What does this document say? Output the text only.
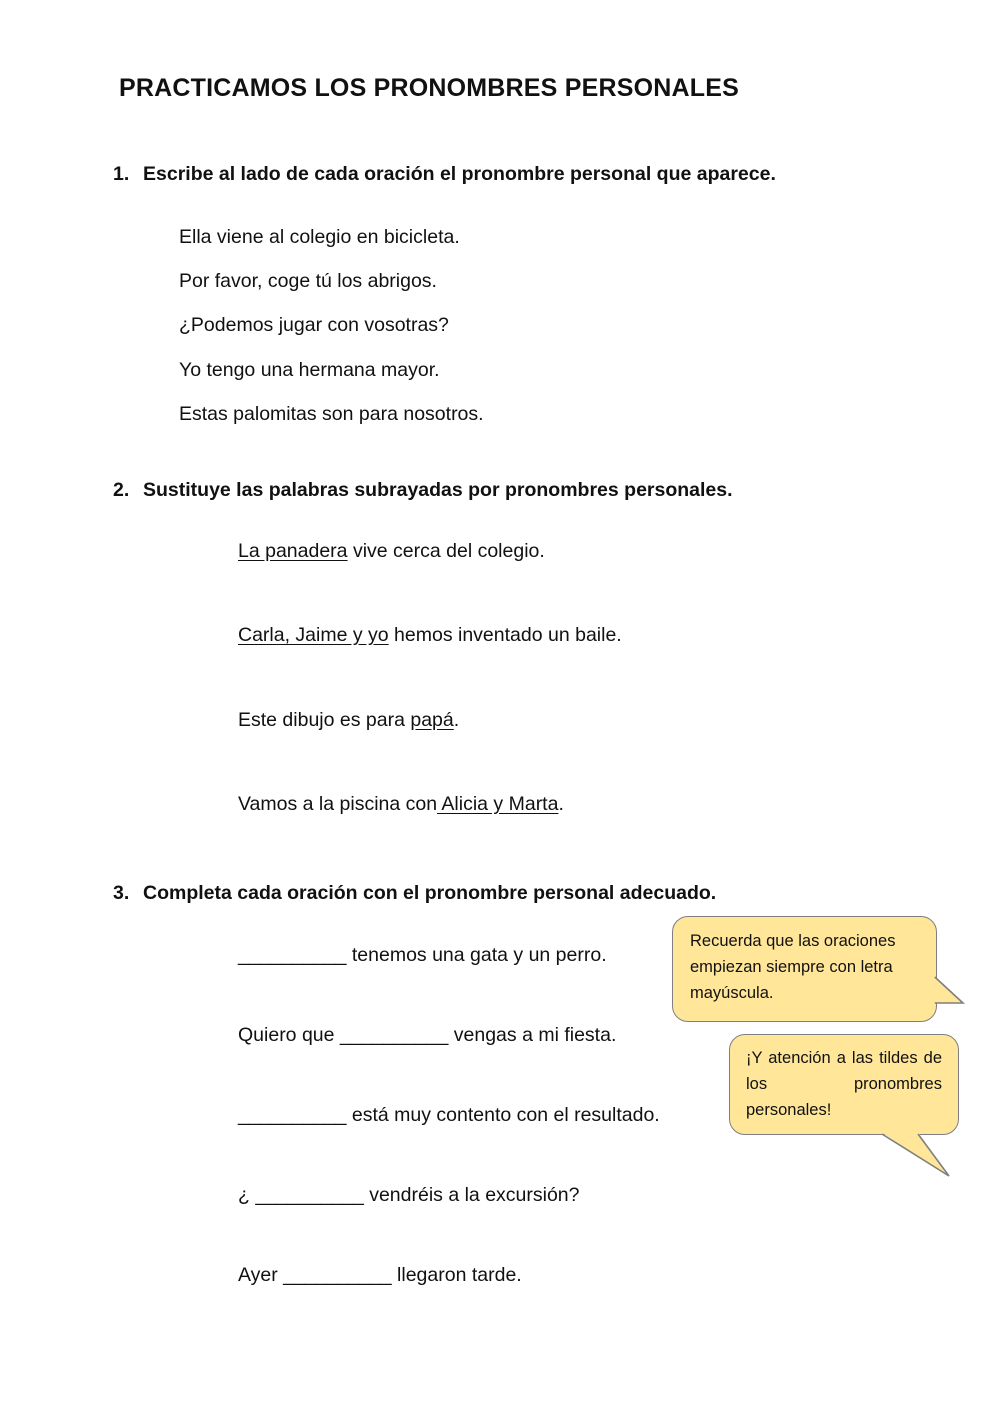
PRACTICAMOS LOS PRONOMBRES PERSONALES
1. Escribe al lado de cada oración el pronombre personal que aparece.
Ella viene al colegio en bicicleta.
Por favor, coge tú los abrigos.
¿Podemos jugar con vosotras?
Yo tengo una hermana mayor.
Estas palomitas son para nosotros.
2. Sustituye las palabras subrayadas por pronombres personales.
La panadera vive cerca del colegio.
Carla, Jaime y yo hemos inventado un baile.
Este dibujo es para papá.
Vamos a la piscina con Alicia y Marta.
3. Completa cada oración con el pronombre personal adecuado.
__________ tenemos una gata y un perro.
Quiero que __________ vengas a mi fiesta.
__________ está muy contento con el resultado.
¿ __________ vendréis a la excursión?
Ayer __________ llegaron tarde.
Recuerda que las oraciones empiezan siempre con letra mayúscula.
¡Y atención a las tildes de los pronombres personales!
